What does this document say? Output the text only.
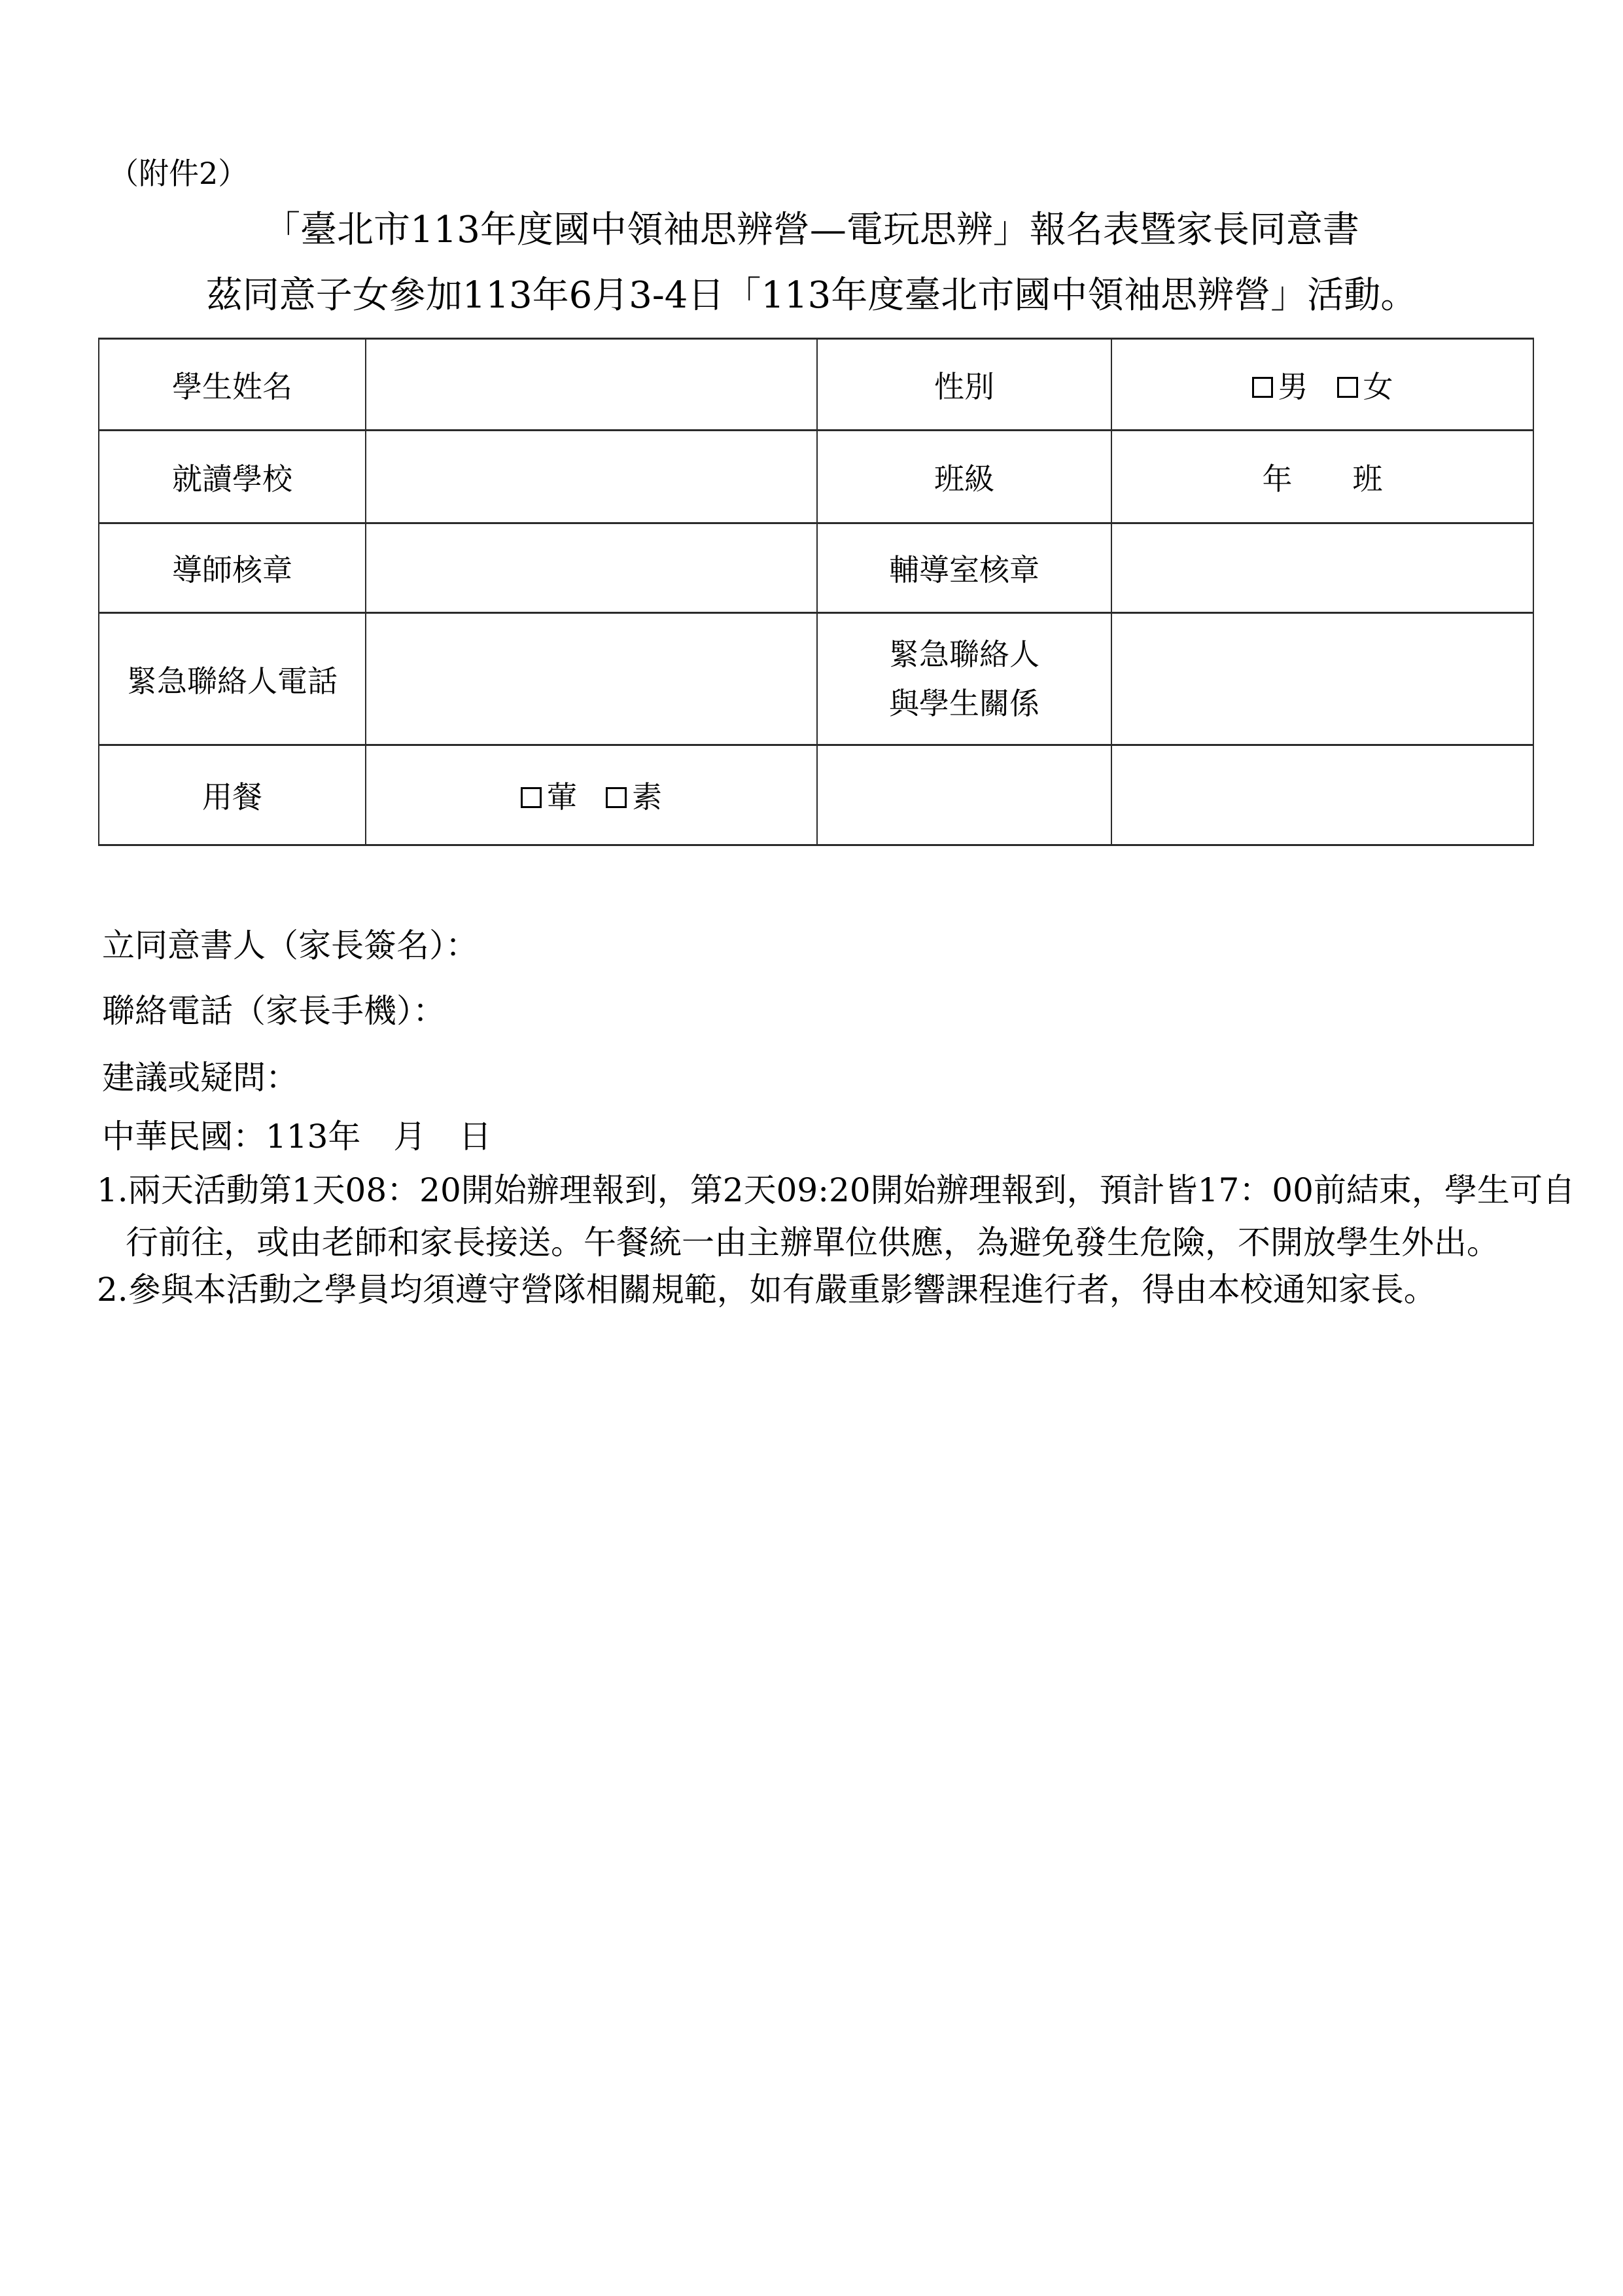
（附件2）
「臺北市113年度國中領袖思辨營—電玩思辨」報名表暨家長同意書
茲同意子女參加113年6月3-4日「113年度臺北市國中領袖思辨營」活動。
學生姓名		性別	男 女
就讀學校		班級	年　　班
導師核章		輔導室核章	
緊急聯絡人電話		緊急聯絡人
與學生關係	

用餐	葷 素		
立同意書人（家長簽名）：
聯絡電話（家長手機）：
建議或疑問：
中華民國：113年　月　日
1.兩天活動第1天08：20開始辦理報到，第2天09:20開始辦理報到，預計皆17：00前結束，學生可自
行前往，或由老師和家長接送。午餐統一由主辦單位供應，為避免發生危險，不開放學生外出。
2.參與本活動之學員均須遵守營隊相關規範，如有嚴重影響課程進行者，得由本校通知家長。
